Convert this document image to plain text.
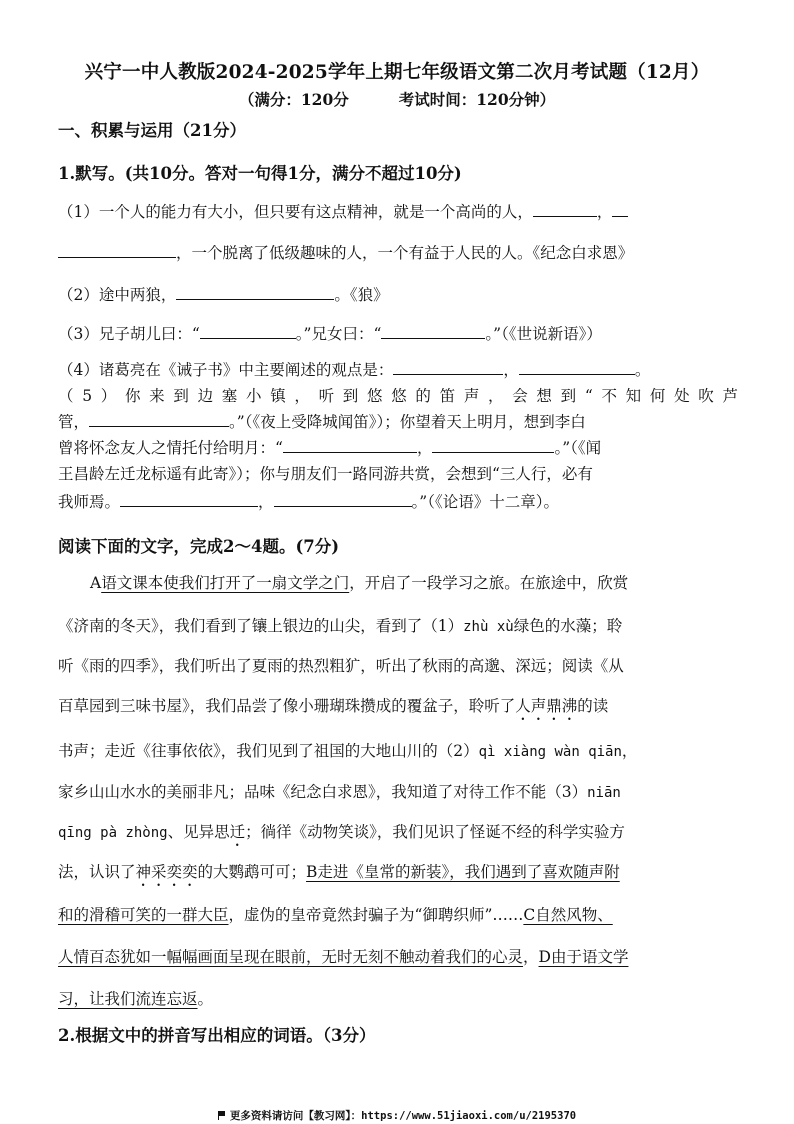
兴宁一中人教版2024-2025学年上期七年级语文第二次月考试题（12月）
（满分：120分	考试时间：120分钟）
一、积累与运用（21分）
1.默写。(共10分。答对一句得1分，满分不超过10分)
（1）一个人的能力有大小，但只要有这点精神，就是一个高尚的人，	，
，一个脱离了低级趣味的人，一个有益于人民的人。《纪念白求恩》
（2）途中两狼，	。《狼》
（3）兄子胡儿曰：“	。”兄女曰：“	。”（《世说新语》）
（4）诸葛亮在《诫子书》中主要阐述的观点是：	，	。
（5）你来到边塞小镇，听到悠悠的笛声，会想到“不知何处吹芦
管，	。”（《夜上受降城闻笛》）；你望着天上明月，想到李白
曾将怀念友人之情托付给明月：“	，	。”（《闻
王昌龄左迁龙标遥有此寄》）；你与朋友们一路同游共赏，会想到“三人行，必有
我师焉。	，	。”（《论语》十二章）。
阅读下面的文字，完成2～4题。(7分)
A语文课本使我们打开了一扇文学之门，开启了一段学习之旅。在旅途中，欣赏
《济南的冬天》，我们看到了镶上银边的山尖，看到了（1）zhù xù绿色的水藻；聆
听《雨的四季》，我们听出了夏雨的热烈粗犷，听出了秋雨的高邈、深远；阅读《从
百草园到三味书屋》，我们品尝了像小珊瑚珠攒成的覆盆子，聆听了人声鼎沸的读
书声；走近《往事依依》，我们见到了祖国的大地山川的（2）qì xiàng wàn qiān，
家乡山山水水的美丽非凡；品味《纪念白求恩》，我知道了对待工作不能（3）niān
qīng pà zhòng、见异思迁；徜徉《动物笑谈》，我们见识了怪诞不经的科学实验方
法，认识了神采奕奕的大鹦鹉可可；B走进《皇常的新装》，我们遇到了喜欢随声附
和的滑稽可笑的一群大臣，虚伪的皇帝竟然封骗子为“御聘织师”……C自然风物、
人情百态犹如一幅幅画面呈现在眼前，无时无刻不触动着我们的心灵，D由于语文学
习，让我们流连忘返。
2.根据文中的拼音写出相应的词语。（3分）
更多资料请访问【教习网】：https://www.51jiaoxi.com/u/2195370
